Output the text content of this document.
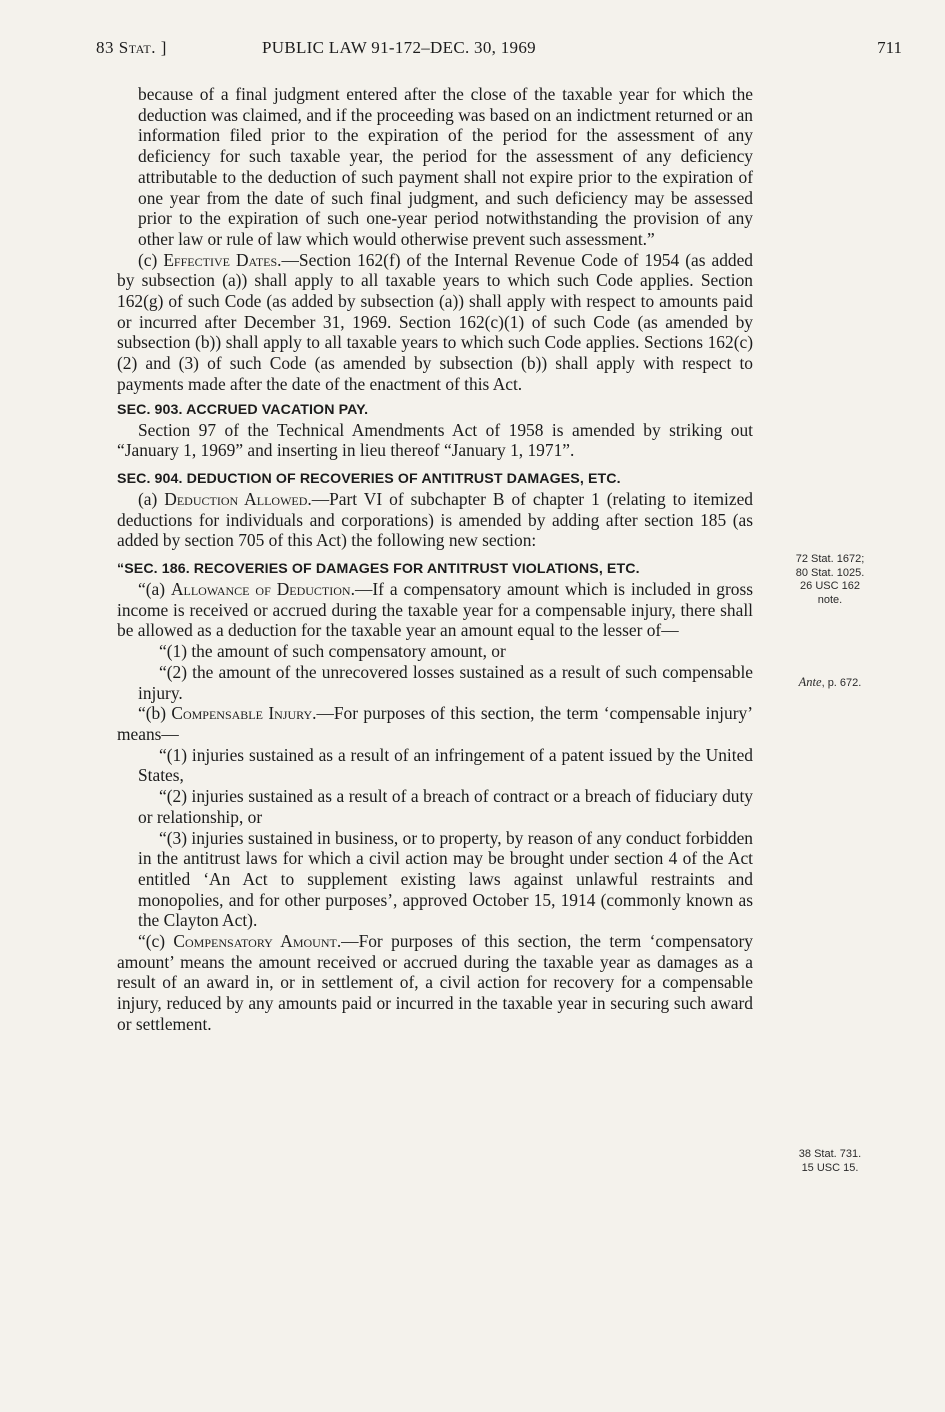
83 Stat. ]	PUBLIC LAW 91-172–DEC. 30, 1969	711

because of a final judgment entered after the close of the taxable year for which the deduction was claimed, and if the proceeding was based on an indictment returned or an information filed prior to the expiration of the period for the assessment of any deficiency for such taxable year, the period for the assessment of any deficiency attributable to the deduction of such payment shall not expire prior to the expiration of one year from the date of such final judgment, and such deficiency may be assessed prior to the expiration of such one-year period notwithstanding the provision of any other law or rule of law which would otherwise prevent such assessment.”

(c) Effective Dates.—Section 162(f) of the Internal Revenue Code of 1954 (as added by subsection (a)) shall apply to all taxable years to which such Code applies. Section 162(g) of such Code (as added by subsection (a)) shall apply with respect to amounts paid or incurred after December 31, 1969. Section 162(c)(1) of such Code (as amended by subsection (b)) shall apply to all taxable years to which such Code applies. Sections 162(c)(2) and (3) of such Code (as amended by subsection (b)) shall apply with respect to payments made after the date of the enactment of this Act.

SEC. 903. ACCRUED VACATION PAY.

Section 97 of the Technical Amendments Act of 1958 is amended by striking out “January 1, 1969” and inserting in lieu thereof “January 1, 1971”.

SEC. 904. DEDUCTION OF RECOVERIES OF ANTITRUST DAMAGES, ETC.

(a) Deduction Allowed.—Part VI of subchapter B of chapter 1 (relating to itemized deductions for individuals and corporations) is amended by adding after section 185 (as added by section 705 of this Act) the following new section:

“SEC. 186. RECOVERIES OF DAMAGES FOR ANTITRUST VIOLATIONS, ETC.

“(a) Allowance of Deduction.—If a compensatory amount which is included in gross income is received or accrued during the taxable year for a compensable injury, there shall be allowed as a deduction for the taxable year an amount equal to the lesser of—

“(1) the amount of such compensatory amount, or

“(2) the amount of the unrecovered losses sustained as a result of such compensable injury.

“(b) Compensable Injury.—For purposes of this section, the term ‘compensable injury’ means—

“(1) injuries sustained as a result of an infringement of a patent issued by the United States,

“(2) injuries sustained as a result of a breach of contract or a breach of fiduciary duty or relationship, or

“(3) injuries sustained in business, or to property, by reason of any conduct forbidden in the antitrust laws for which a civil action may be brought under section 4 of the Act entitled ‘An Act to supplement existing laws against unlawful restraints and monopolies, and for other purposes’, approved October 15, 1914 (commonly known as the Clayton Act).

“(c) Compensatory Amount.—For purposes of this section, the term ‘compensatory amount’ means the amount received or accrued during the taxable year as damages as a result of an award in, or in settlement of, a civil action for recovery for a compensable injury, reduced by any amounts paid or incurred in the taxable year in securing such award or settlement.

72 Stat. 1672;
80 Stat. 1025.
26 USC 162
note.
Ante, p. 672.
38 Stat. 731.
15 USC 15.
